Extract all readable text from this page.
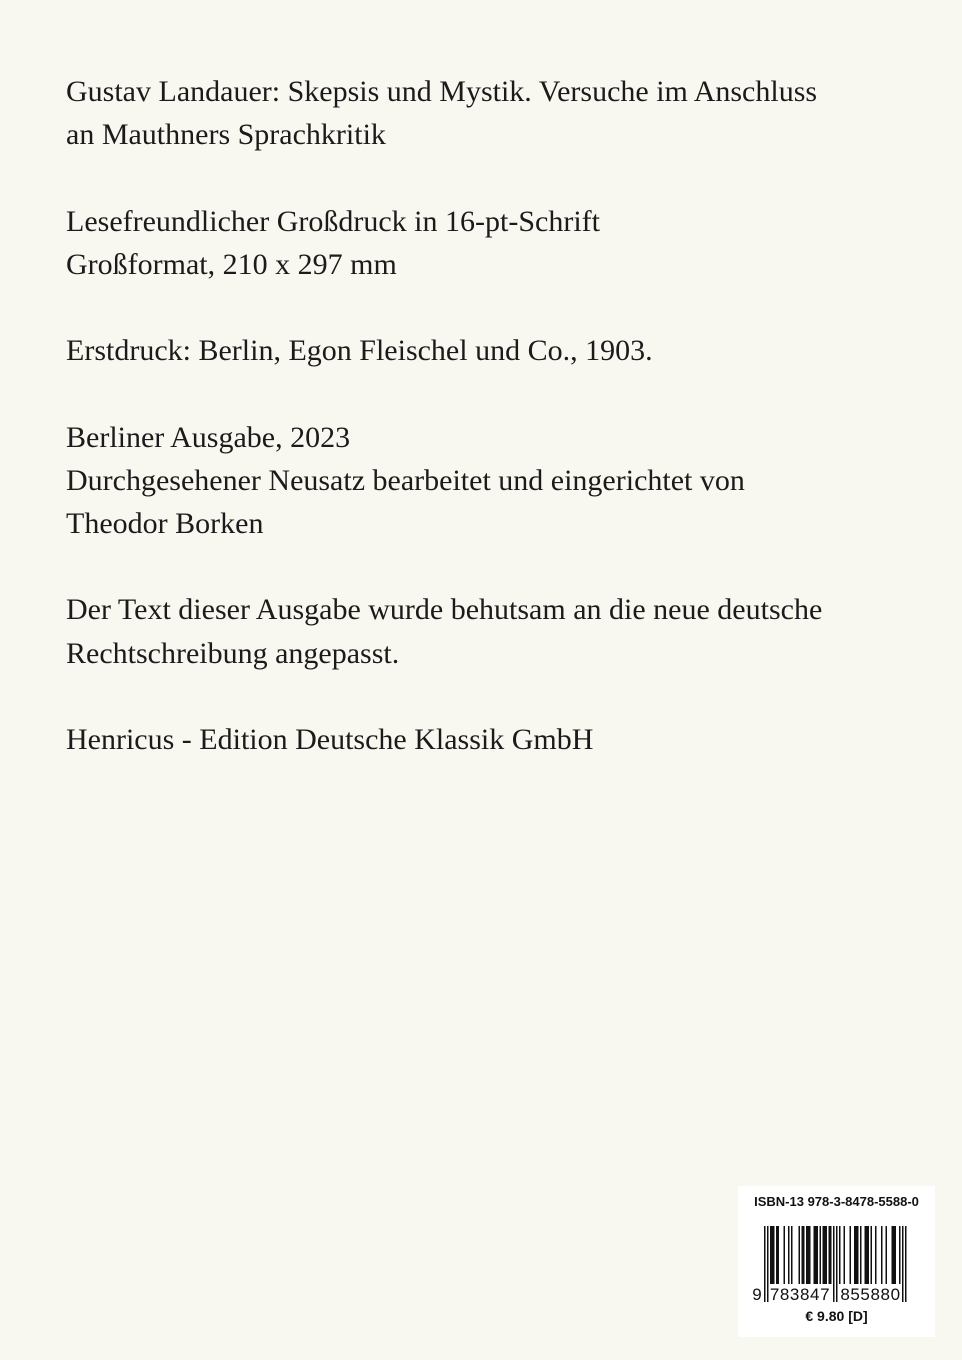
Gustav Landauer: Skepsis und Mystik. Versuche im Anschluss
an Mauthners Sprachkritik
Lesefreundlicher Großdruck in 16-pt-Schrift
Großformat, 210 x 297 mm
Erstdruck: Berlin, Egon Fleischel und Co., 1903.
Berliner Ausgabe, 2023
Durchgesehener Neusatz bearbeitet und eingerichtet von
Theodor Borken
Der Text dieser Ausgabe wurde behutsam an die neue deutsche
Rechtschreibung angepasst.
Henricus - Edition Deutsche Klassik GmbH
ISBN-13 978-3-8478-5588-0
9 783847 855880
€ 9.80 [D]
